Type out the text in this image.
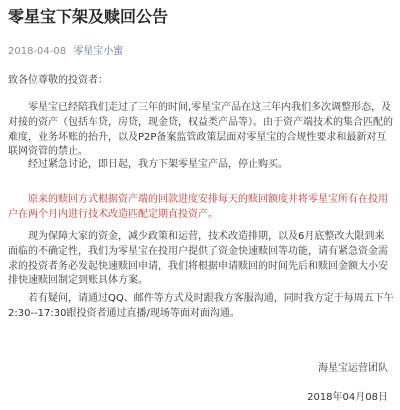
零星宝下架及赎回公告
2018-04-08 零星宝小蜜
致各位尊敬的投资者：

零星宝已经陪我们走过了三年的时间,零星宝产品在这三年内我们多次调整形态，及对接的资产（包括车贷，房贷，现金贷，权益类产品等）。由于资产端技术的集合匹配的难度，业务坏账的抬升，以及P2P备案监管政策层面对零星宝的合规性要求和最新对互联网资管的禁止。

经过紧急讨论，即日起，我方下架零星宝产品，停止购买。

原来的赎回方式根据资产端的回款进度安排每天的赎回额度并将零星宝所有在投用户在两个月内进行技术改造匹配定期直投资产。

现为保障大家的资金，减少政策和运营，技术改造排期，以及6月底整改大限到来面临的不确定性，我们为零星宝在投用户提供了资金快速赎回等功能，请有紧急资金需求的投资者务必发起快速赎回申请，我们将根据申请赎回的时间先后和赎回金额大小安排快速赎回制定到账具体方案。

若有疑问，请通过QQ、邮件等方式及时跟我方客服沟通，同时我方定于每周五下午2:30--17:30跟投资者通过直播/现场等面对面沟通。

海星宝运营团队
2018年04月08日
